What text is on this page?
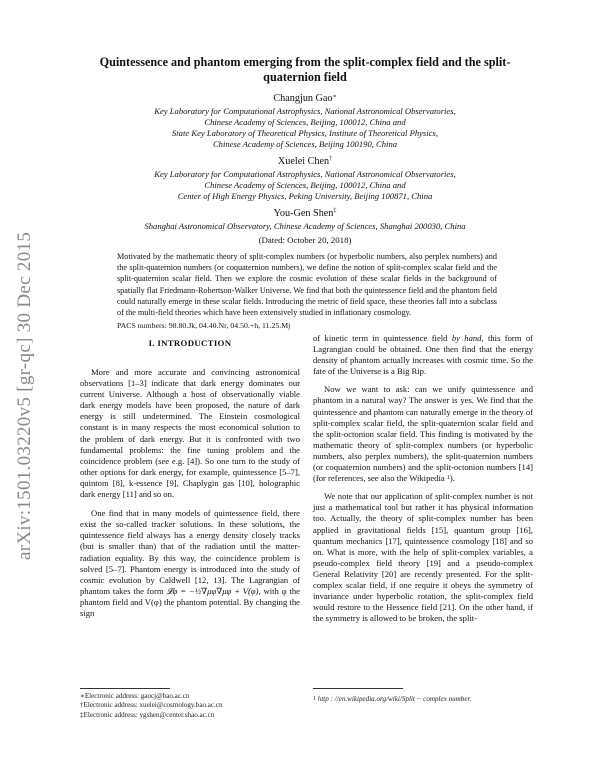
arXiv:1501.03220v5 [gr-qc] 30 Dec 2015
Quintessence and phantom emerging from the split-complex field and the split-quaternion field
Changjun Gao∗
Key Laboratory for Computational Astrophysics, National Astronomical Observatories,
Chinese Academy of Sciences, Beijing, 100012, China and
State Key Laboratory of Theoretical Physics, Institute of Theoretical Physics,
Chinese Academy of Sciences, Beijing 100190, China
Xuelei Chen†
Key Laboratory for Computational Astrophysics, National Astronomical Observatories,
Chinese Academy of Sciences, Beijing, 100012, China and
Center of High Energy Physics, Peking University, Beijing 100871, China
You-Gen Shen‡
Shanghai Astronomical Observatory, Chinese Academy of Sciences, Shanghai 200030, China
(Dated: October 20, 2018)
Motivated by the mathematic theory of split-complex numbers (or hyperbolic numbers, also perplex numbers) and the split-quaternion numbers (or coquaternion numbers), we define the notion of split-complex scalar field and the split-quaternion scalar field. Then we explore the cosmic evolution of these scalar fields in the background of spatially flat Friedmann-Robertson-Walker Universe. We find that both the quintessence field and the phantom field could naturally emerge in these scalar fields. Introducing the metric of field space, these theories fall into a subclass of the multi-field theories which have been extensively studied in inflationary cosmology.
PACS numbers: 98.80.Jk, 04.40.Nr, 04.50.+h, 11.25.Mj
I. INTRODUCTION

More and more accurate and convincing astronomical observations [1–3] indicate that dark energy dominates our current Universe. Although a host of observationally viable dark energy models have been proposed, the nature of dark energy is still undetermined. The Einstein cosmological constant is in many respects the most economical solution to the problem of dark energy. But it is confronted with two fundamental problems: the fine tuning problem and the coincidence problem (see e.g. [4]). So one turn to the study of other options for dark energy, for example, quintessence [5–7], quintom [8], k-essence [9], Chaplygin gas [10], holographic dark energy [11] and so on.

One find that in many models of quintessence field, there exist the so-called tracker solutions. In these solutions, the quintessence field always has a energy density closely tracks (but is smaller than) that of the radiation until the matter-radiation equality. By this way, the coincidence problem is solved [5–7]. Phantom energy is introduced into the study of cosmic evolution by Caldwell [12, 13]. The Lagrangian of phantom takes the form 𝓛φ = −½∇μφ∇μφ + V(φ), with φ the phantom field and V(φ) the phantom potential. By changing the sign

of kinetic term in quintessence field by hand, this form of Lagrangian could be obtained. One then find that the energy density of phantom actually increases with cosmic time. So the fate of the Universe is a Big Rip.

Now we want to ask: can we unify quintessence and phantom in a natural way? The answer is yes. We find that the quintessence and phantom can naturally emerge in the theory of split-complex scalar field, the split-quaternion scalar field and the split-octonion scalar field. This finding is motivated by the mathematic theory of split-complex numbers (or hyperbolic numbers, also perplex numbers), the split-quaternion numbers (or coquaternion numbers) and the split-octonion numbers [14] (for references, see also the Wikipedia $^1$).

We note that our application of split-complex number is not just a mathematical tool but rather it has physical information too. Actually, the theory of split-complex number has been applied in gravitational fields [15], quantum group [16], quantum mechanics [17], quintessence cosmology [18] and so on. What is more, with the help of split-complex variables, a pseudo-complex field theory [19] and a pseudo-complex General Relativity [20] are recently presented. For the split-complex scalar field, if one require it obeys the symmetry of invariance under hyperbolic rotation, the split-complex field would restore to the Hessence field [21]. On the other hand, if the symmetry is allowed to be broken, the split-

∗Electronic address: gaocj@bao.ac.cn
†Electronic address: xuelei@cosmology.bao.ac.cn
‡Electronic address: ygshen@center.shao.ac.cn
$^1$ http : //en.wikipedia.org/wiki/Split − complex number.
